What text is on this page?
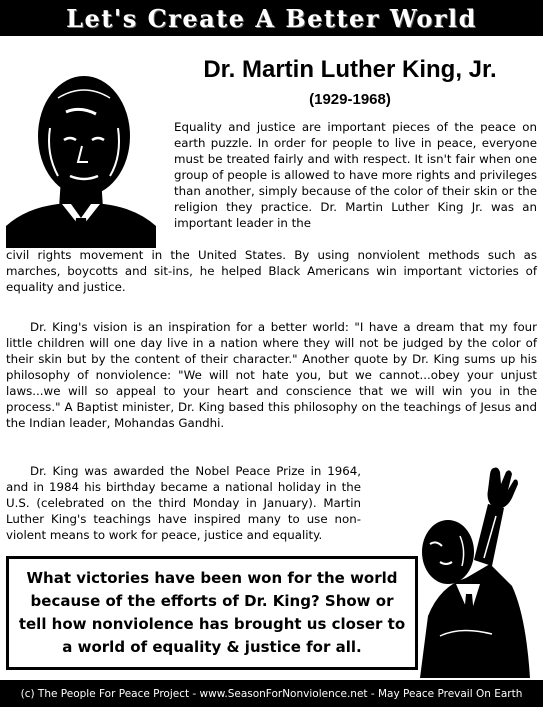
Let's Create A Better World
Dr. Martin Luther King, Jr.
(1929-1968)

Equality and justice are important pieces of the peace on earth puzzle. In order for people to live in peace, everyone must be treated fairly and with respect. It isn't fair when one group of people is allowed to have more rights and privileges than another, simply because of the color of their skin or the religion they practice. Dr. Martin Luther King Jr. was an important leader in the

civil rights movement in the United States. By using nonviolent methods such as marches, boycotts and sit-ins, he helped Black Americans win important victories of equality and justice.

Dr. King's vision is an inspiration for a better world: "I have a dream that my four little children will one day live in a nation where they will not be judged by the color of their skin but by the content of their character." Another quote by Dr. King sums up his philosophy of nonviolence: "We will not hate you, but we cannot...obey your unjust laws...we will so appeal to your heart and conscience that we will win you in the process." A Baptist minister, Dr. King based this philosophy on the teachings of Jesus and the Indian leader, Mohandas Gandhi.

Dr. King was awarded the Nobel Peace Prize in 1964, and in 1984 his birthday became a national holiday in the U.S. (celebrated on the third Monday in January). Martin Luther King's teachings have inspired many to use non-violent means to work for peace, justice and equality.

What victories have been won for the world because of the efforts of Dr. King? Show or tell how nonviolence has brought us closer to a world of equality & justice for all.
(c) The People For Peace Project - www.SeasonForNonviolence.net - May Peace Prevail On Earth
